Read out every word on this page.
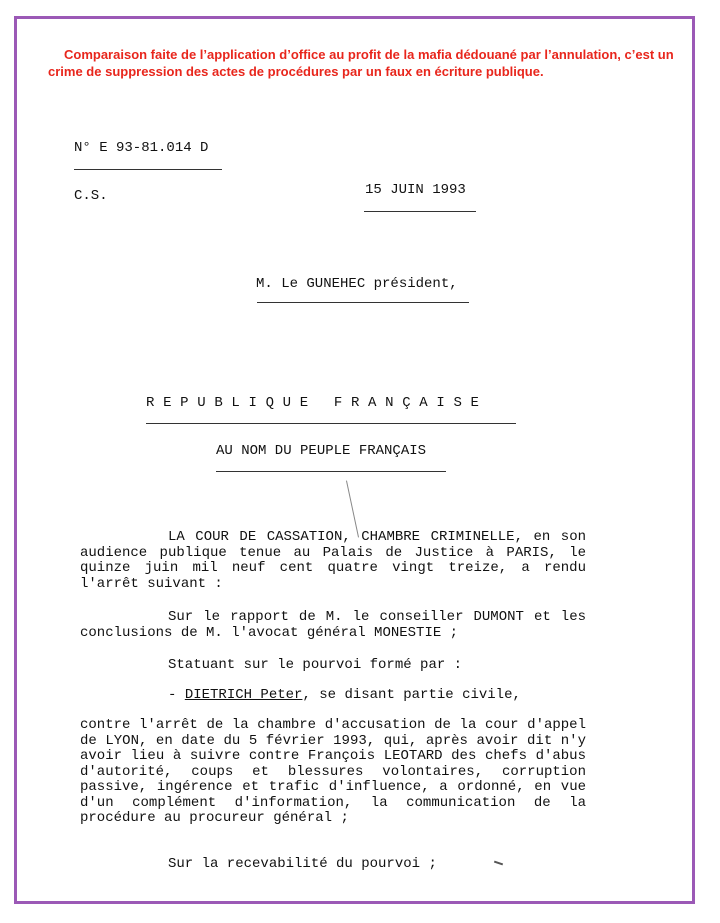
Comparaison faite de l’application d’office au profit de la mafia dédouané par l’annulation, c’est un crime de suppression des actes de procédures par un faux en écriture publique.
N° E 93-81.014 D
C.S.	15 JUIN 1993
M. Le GUNEHEC président,
REPUBLIQUE FRANÇAISE
AU NOM DU PEUPLE FRANÇAIS
LA COUR DE CASSATION, CHAMBRE CRIMINELLE, en son audience publique tenue au Palais de Justice à PARIS, le quinze juin mil neuf cent quatre vingt treize, a rendu l'arrêt suivant :
Sur le rapport de M. le conseiller DUMONT et les conclusions de M. l'avocat général MONESTIE ;
Statuant sur le pourvoi formé par :
- DIETRICH Peter, se disant partie civile,
contre l'arrêt de la chambre d'accusation de la cour d'appel de LYON, en date du 5 février 1993, qui, après avoir dit n'y avoir lieu à suivre contre François LEOTARD des chefs d'abus d'autorité, coups et blessures volontaires, corruption passive, ingérence et trafic d'influence, a ordonné, en vue d'un complément d'information, la communication de la procédure au procureur général ;
Sur la recevabilité du pourvoi ;
